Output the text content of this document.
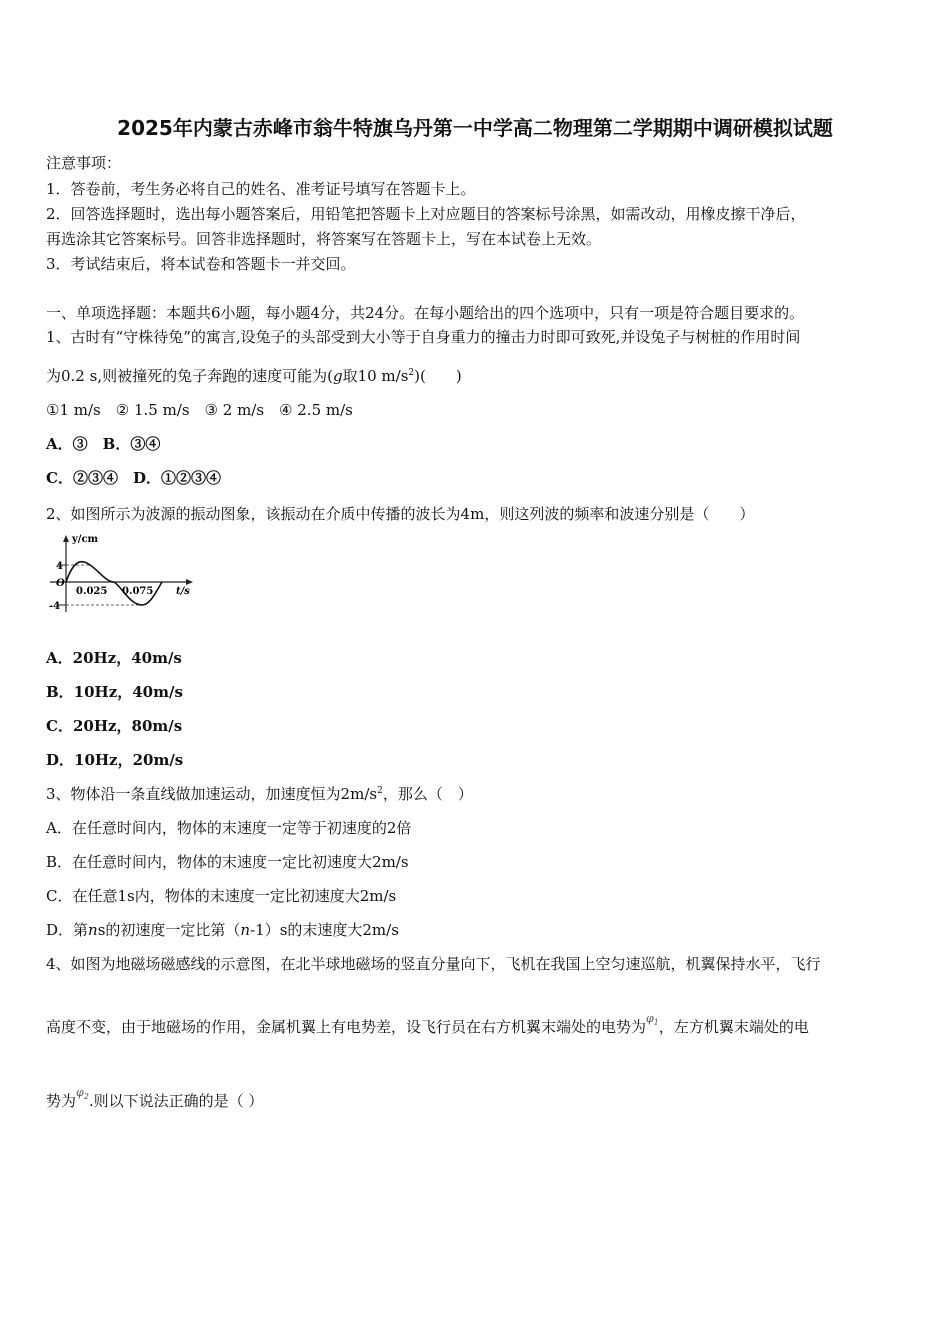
2025年内蒙古赤峰市翁牛特旗乌丹第一中学高二物理第二学期期中调研模拟试题
注意事项：
1．答卷前，考生务必将自己的姓名、准考证号填写在答题卡上。
2．回答选择题时，选出每小题答案后，用铅笔把答题卡上对应题目的答案标号涂黑，如需改动，用橡皮擦干净后，
再选涂其它答案标号。回答非选择题时，将答案写在答题卡上，写在本试卷上无效。
3．考试结束后，将本试卷和答题卡一并交回。
一、单项选择题：本题共6小题，每小题4分，共24分。在每小题给出的四个选项中，只有一项是符合题目要求的。
1、古时有“守株待兔”的寓言,设兔子的头部受到大小等于自身重力的撞击力时即可致死,并设兔子与树桩的作用时间
为0.2 s,则被撞死的兔子奔跑的速度可能为(g取10 $m/s^2$)(　　)
①1 m/s　② 1.5 m/s　③ 2 m/s　④ 2.5 m/s
A．③　B．③④
C．②③④　D．①②③④
2、如图所示为波源的振动图象，该振动在介质中传播的波长为4m，则这列波的频率和波速分别是（　　）
y/cm
4
O
-4
0.025 0.075 t/s
A．20Hz，40m/s
B．10Hz，40m/s
C．20Hz，80m/s
D．10Hz，20m/s
3、物体沿一条直线做加速运动，加速度恒为$2m/s^2$，那么（　）
A．在任意时间内，物体的末速度一定等于初速度的2倍
B．在任意时间内，物体的末速度一定比初速度大2m/s
C．在任意1s内，物体的末速度一定比初速度大2m/s
D．第ns的初速度一定比第（n-1）s的末速度大2m/s
4、如图为地磁场磁感线的示意图，在北半球地磁场的竖直分量向下，飞机在我国上空匀速巡航，机翼保持水平，飞行
高度不变，由于地磁场的作用，金属机翼上有电势差，设飞行员在右方机翼末端处的电势为$^{\varphi_1}$，左方机翼末端处的电
势为$^{\varphi_2}$.则以下说法正确的是（ ）
